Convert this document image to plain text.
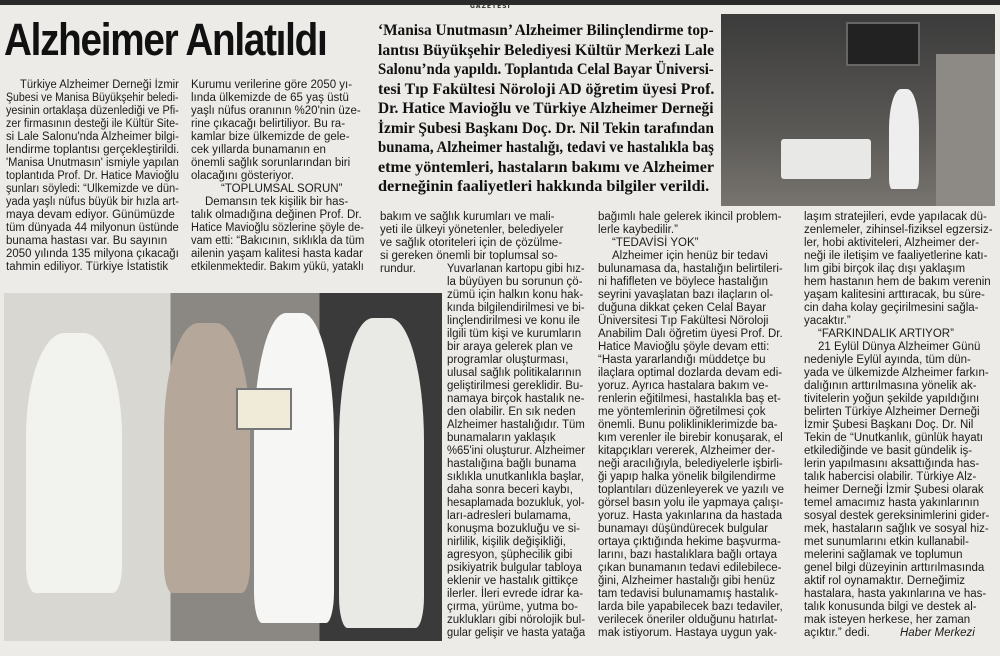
GAZETESİ
Alzheimer Anlatıldı	‘Manisa Unutmasın’ Alzheimer Bilinçlendirme top-
lantısı Büyükşehir Belediyesi Kültür Merkezi Lale
Salonu’nda yapıldı. Toplantıda Celal Bayar Üniversi-
tesi Tıp Fakültesi Nöroloji AD öğretim üyesi Prof.
Dr. Hatice Mavioğlu ve Türkiye Alzheimer Derneği
İzmir Şubesi Başkanı Doç. Dr. Nil Tekin tarafından
bunama, Alzheimer hastalığı, tedavi ve hastalıkla baş
etme yöntemleri, hastaların bakımı ve Alzheimer
derneğinin faaliyetleri hakkında bilgiler verildi.
Türkiye Alzheimer Derneği İzmir
Şubesi ve Manisa Büyükşehir beledi-
yesinin ortaklaşa düzenlediği ve Pfi-
zer firmasının desteği ile Kültür Site-
si Lale Salonu'nda Alzheimer bilgi-
lendirme toplantısı gerçekleştirildi.
'Manisa Unutmasın' ismiyle yapılan
toplantıda Prof. Dr. Hatice Mavioğlu
şunları söyledi: “Ülkemizde ve dün-
yada yaşlı nüfus büyük bir hızla art-
maya devam ediyor. Günümüzde
tüm dünyada 44 milyonun üstünde
bunama hastası var. Bu sayının
2050 yılında 135 milyona çıkacağı
tahmin ediliyor. Türkiye İstatistik
Kurumu verilerine göre 2050 yı-
lında ülkemizde de 65 yaş üstü
yaşlı nüfus oranının %20'nin üze-
rine çıkacağı belirtiliyor. Bu ra-
kamlar bize ülkemizde de gele-
cek yıllarda bunamanın en
önemli sağlık sorunlarından biri
olacağını gösteriyor.
“TOPLUMSAL SORUN”
Demansın tek kişilik bir has-
talık olmadığına değinen Prof. Dr.
Hatice Mavioğlu sözlerine şöyle de-
vam etti: “Bakıcının, sıklıkla da tüm
ailenin yaşam kalitesi hasta kadar
etkilenmektedir. Bakım yükü, yataklı
bakım ve sağlık kurumları ve mali-
yeti ile ülkeyi yönetenler, belediyeler
ve sağlık otoriteleri için de çözülme-
si gereken önemli bir toplumsal so-
rundur.	Yuvarlanan kartopu gibi hız-
la büyüyen bu sorunun çö-
zümü için halkın konu hak-
kında bilgilendirilmesi ve bi-
linçlendirilmesi ve konu ile
ilgili tüm kişi ve kurumların
bir araya gelerek plan ve
programlar oluşturması,
ulusal sağlık politikalarının
geliştirilmesi gereklidir. Bu-
namaya birçok hastalık ne-
den olabilir. En sık neden
Alzheimer hastalığıdır. Tüm
bunamaların yaklaşık
%65'ini oluşturur. Alzheimer
hastalığına bağlı bunama
sıklıkla unutkanlıkla başlar,
daha sonra beceri kaybı,
hesaplamada bozukluk, yol-
ları-adresleri bulamama,
konuşma bozukluğu ve si-
nirlilik, kişilik değişikliği,
agresyon, şüphecilik gibi
psikiyatrik bulgular tabloya
eklenir ve hastalık gittikçe
ilerler. İleri evrede idrar ka-
çırma, yürüme, yutma bo-
zuklukları gibi nörolojik bul-
gular gelişir ve hasta yatağa
bağımlı hale gelerek ikincil problem-
lerle kaybedilir.”
“TEDAVİSİ YOK”
Alzheimer için henüz bir tedavi
bulunamasa da, hastalığın belirtileri-
ni hafifleten ve böylece hastalığın
seyrini yavaşlatan bazı ilaçların ol-
duğuna dikkat çeken Celal Bayar
Üniversitesi Tıp Fakültesi Nöroloji
Anabilim Dalı öğretim üyesi Prof. Dr.
Hatice Mavioğlu şöyle devam etti:
“Hasta yararlandığı müddetçe bu
ilaçlara optimal dozlarda devam edi-
yoruz. Ayrıca hastalara bakım ve-
renlerin eğitilmesi, hastalıkla baş et-
me yöntemlerinin öğretilmesi çok
önemli. Bunu polikliniklerimizde ba-
kım verenler ile birebir konuşarak, el
kitapçıkları vererek, Alzheimer der-
neği aracılığıyla, belediyelerle işbirli-
ği yapıp halka yönelik bilgilendirme
toplantıları düzenleyerek ve yazılı ve
görsel basın yolu ile yapmaya çalışı-
yoruz. Hasta yakınlarına da hastada
bunamayı düşündürecek bulgular
ortaya çıktığında hekime başvurma-
larını, bazı hastalıklara bağlı ortaya
çıkan bunamanın tedavi edilebilece-
ğini, Alzheimer hastalığı gibi henüz
tam tedavisi bulunamamış hastalık-
larda bile yapabilecek bazı tedaviler,
verilecek öneriler olduğunu hatırlat-
mak istiyorum. Hastaya uygun yak-
laşım stratejileri, evde yapılacak dü-
zenlemeler, zihinsel-fiziksel egzersiz-
ler, hobi aktiviteleri, Alzheimer der-
neği ile iletişim ve faaliyetlerine katı-
lım gibi birçok ilaç dışı yaklaşım
hem hastanın hem de bakım verenin
yaşam kalitesini arttıracak, bu süre-
cin daha kolay geçirilmesini sağla-
yacaktır.”
“FARKINDALIK ARTIYOR”
21 Eylül Dünya Alzheimer Günü
nedeniyle Eylül ayında, tüm dün-
yada ve ülkemizde Alzheimer farkın-
dalığının arttırılmasına yönelik ak-
tivitelerin yoğun şekilde yapıldığını
belirten Türkiye Alzheimer Derneği
İzmir Şubesi Başkanı Doç. Dr. Nil
Tekin de “Unutkanlık, günlük hayatı
etkilediğinde ve basit gündelik iş-
lerin yapılmasını aksattığında has-
talık habercisi olabilir. Türkiye Alz-
heimer Derneği İzmir Şubesi olarak
temel amacımız hasta yakınlarının
sosyal destek gereksinimlerini gider-
mek, hastaların sağlık ve sosyal hiz-
met sunumlarını etkin kullanabil-
melerini sağlamak ve toplumun
genel bilgi düzeyinin arttırılmasında
aktif rol oynamaktır. Derneğimiz
hastalara, hasta yakınlarına ve has-
talık konusunda bilgi ve destek al-
mak isteyen herkese, her zaman
açıktır.” dedi.	Haber Merkezi
